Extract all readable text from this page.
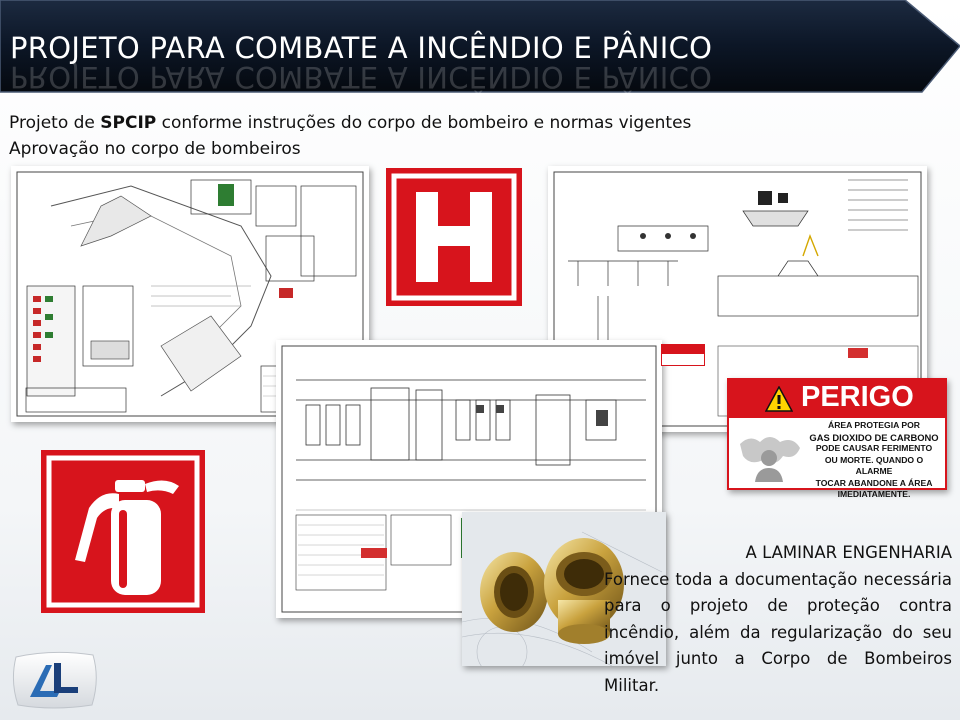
PROJETO PARA COMBATE A INCÊNDIO E PÂNICO
PROJETO PARA COMBATE A INCÊNDIO E PÂNICO
Projeto de SPCIP conforme instruções do corpo de bombeiro e normas vigentes
Aprovação no corpo de bombeiros
PERIGO
ÁREA PROTEGIA POR
GAS DIOXIDO DE CARBONO
PODE CAUSAR FERIMENTO
OU MORTE. QUANDO O ALARME
TOCAR ABANDONE A ÁREA
IMEDIATAMENTE.
A LAMINAR ENGENHARIA
Fornece toda a documentação necessária para o projeto de proteção contra incêndio, além da regularização do seu imóvel junto a Corpo de Bombeiros Militar.
